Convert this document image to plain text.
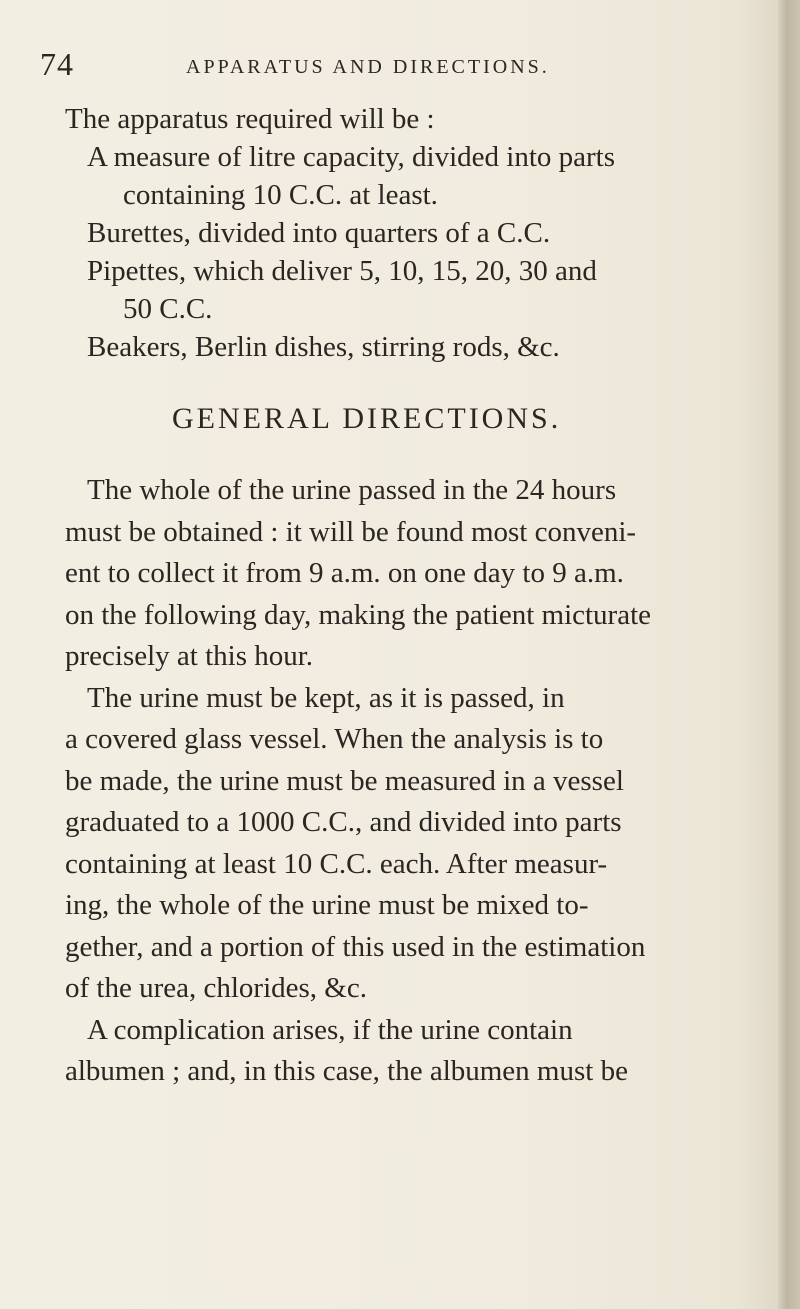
74	APPARATUS AND DIRECTIONS.
The apparatus required will be :
A measure of litre capacity, divided into parts
containing 10 C.C. at least.
Burettes, divided into quarters of a C.C.
Pipettes, which deliver 5, 10, 15, 20, 30 and
50 C.C.
Beakers, Berlin dishes, stirring rods, &c.
GENERAL DIRECTIONS.
The whole of the urine passed in the 24 hours
must be obtained : it will be found most conveni-
ent to collect it from 9 a.m. on one day to 9 a.m.
on the following day, making the patient micturate
precisely at this hour.
The urine must be kept, as it is passed, in
a covered glass vessel. When the analysis is to
be made, the urine must be measured in a vessel
graduated to a 1000 C.C., and divided into parts
containing at least 10 C.C. each. After measur-
ing, the whole of the urine must be mixed to-
gether, and a portion of this used in the estimation
of the urea, chlorides, &c.
A complication arises, if the urine contain
albumen ; and, in this case, the albumen must be
